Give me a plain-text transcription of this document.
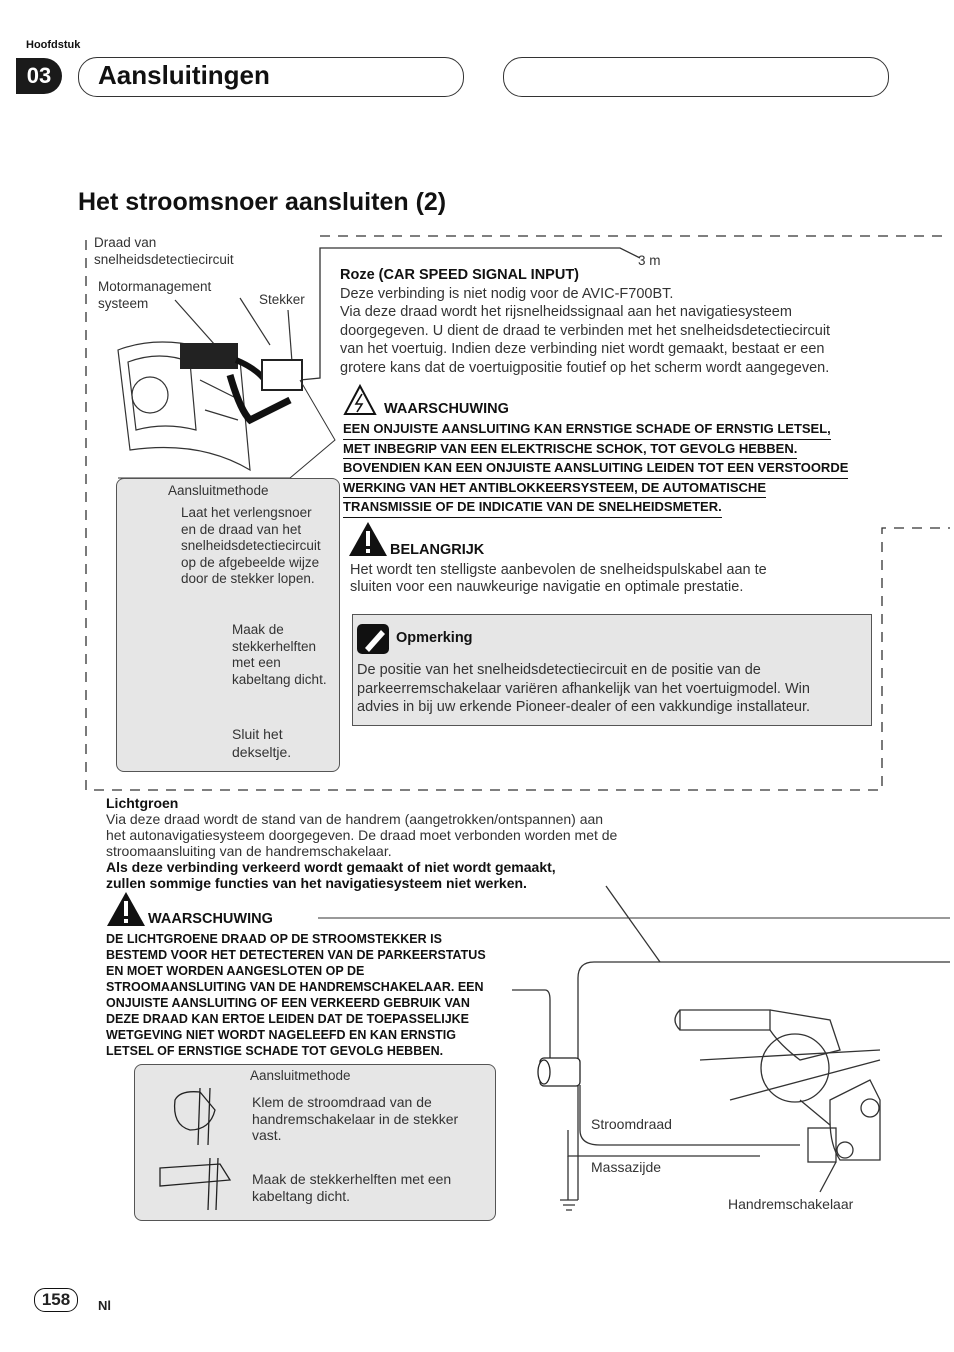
Hoofdstuk
03	Aansluitingen
Het stroomsnoer aansluiten (2)
Draad van
snelheidsdetectiecircuit
Motormanagement
systeem	Stekker
3 m
Aansluitmethode
Laat het verlengsnoer
en de draad van het
snelheidsdetectiecircuit
op de afgebeelde wijze
door de stekker lopen.
Maak de
stekkerhelften
met een
kabeltang dicht.
Sluit het
dekseltje.
Roze (CAR SPEED SIGNAL INPUT)
Deze verbinding is niet nodig voor de AVIC-F700BT.
Via deze draad wordt het rijsnelheidssignaal aan het navigatiesysteem
doorgegeven. U dient de draad te verbinden met het snelheidsdetectiecircuit
van het voertuig. Indien deze verbinding niet wordt gemaakt, bestaat er een
grotere kans dat de voertuigpositie foutief op het scherm wordt aangegeven.
WAARSCHUWING
EEN ONJUISTE AANSLUITING KAN ERNSTIGE SCHADE OF ERNSTIG LETSEL,
MET INBEGRIP VAN EEN ELEKTRISCHE SCHOK, TOT GEVOLG HEBBEN.
BOVENDIEN KAN EEN ONJUISTE AANSLUITING LEIDEN TOT EEN VERSTOORDE
WERKING VAN HET ANTIBLOKKEERSYSTEEM, DE AUTOMATISCHE
TRANSMISSIE OF DE INDICATIE VAN DE SNELHEIDSMETER.
BELANGRIJK
Het wordt ten stelligste aanbevolen de snelheidspulskabel aan te
sluiten voor een nauwkeurige navigatie en optimale prestatie.
Opmerking
De positie van het snelheidsdetectiecircuit en de positie van de
parkeerremschakelaar variëren afhankelijk van het voertuigmodel. Win
advies in bij uw erkende Pioneer-dealer of een vakkundige installateur.
Lichtgroen
Via deze draad wordt de stand van de handrem (aangetrokken/ontspannen) aan
het autonavigatiesysteem doorgegeven. De draad moet verbonden worden met de
stroomaansluiting van de handremschakelaar.
Als deze verbinding verkeerd wordt gemaakt of niet wordt gemaakt,
zullen sommige functies van het navigatiesysteem niet werken.
WAARSCHUWING
DE LICHTGROENE DRAAD OP DE STROOMSTEKKER IS
BESTEMD VOOR HET DETECTEREN VAN DE PARKEERSTATUS
EN MOET WORDEN AANGESLOTEN OP DE
STROOMAANSLUITING VAN DE HANDREMSCHAKELAAR. EEN
ONJUISTE AANSLUITING OF EEN VERKEERD GEBRUIK VAN
DEZE DRAAD KAN ERTOE LEIDEN DAT DE TOEPASSELIJKE
WETGEVING NIET WORDT NAGELEEFD EN KAN ERNSTIG
LETSEL OF ERNSTIGE SCHADE TOT GEVOLG HEBBEN.
Aansluitmethode
Klem de stroomdraad van de
handremschakelaar in de stekker
vast.
Maak de stekkerhelften met een
kabeltang dicht.
Stroomdraad
Massazijde
Handremschakelaar
158	Nl
